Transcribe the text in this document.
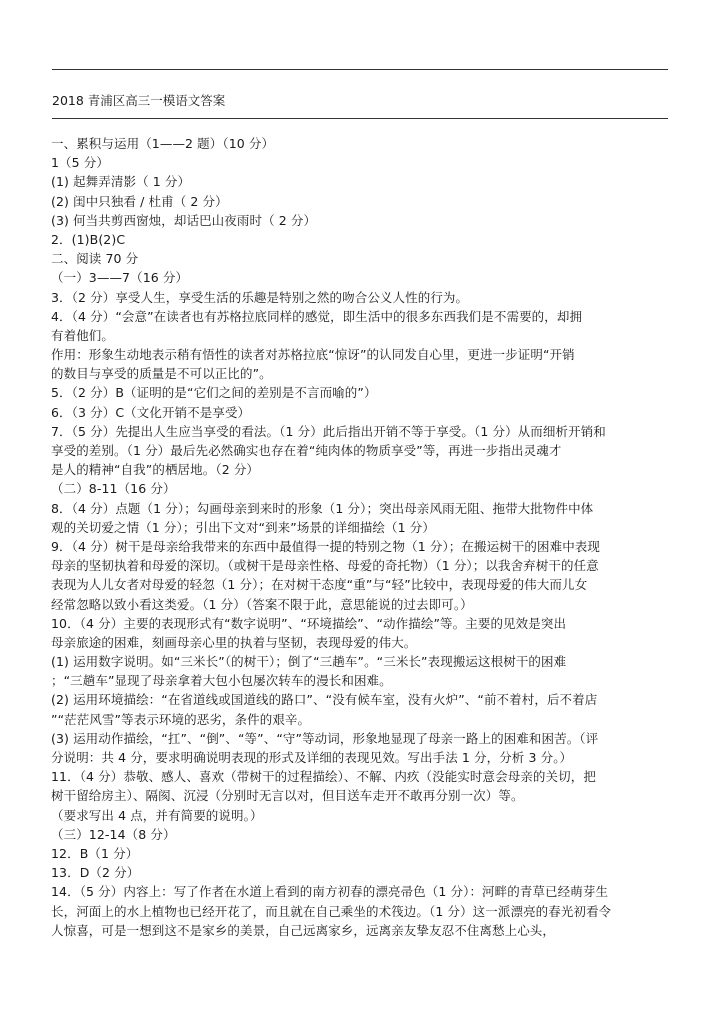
2018 青浦区高三一模语文答案
一、累积与运用（1——2 题）（10 分）
1（5 分）
(1) 起舞弄清影（ 1 分）
(2) 闺中只独看 / 杜甫（ 2 分）
(3) 何当共剪西窗烛，却话巴山夜雨时（ 2 分）
2．(1)B(2)C
二、阅读 70 分
（一）3——7（16 分）
3．（2 分）享受人生，享受生活的乐趣是特别之然的吻合公义人性的行为。
4．（4 分）“会意”在读者也有苏格拉底同样的感觉，即生活中的很多东西我们是不需要的，却拥
有着他们。
作用：形象生动地表示稍有悟性的读者对苏格拉底“惊讶”的认同发自心里，更进一步证明“开销
的数目与享受的质量是不可以正比的”。
5．（2 分）B（证明的是“它们之间的差别是不言而喻的”）
6．（3 分）C（文化开销不是享受）
7．（5 分）先提出人生应当享受的看法。（1 分）此后指出开销不等于享受。（1 分）从而细析开销和
享受的差别。（1 分）最后先必然确实也存在着“纯肉体的物质享受”等，再进一步指出灵魂才
是人的精神“自我”的栖居地。（2 分）
（二）8-11（16 分）
8．（4 分）点题（1 分）；勾画母亲到来时的形象（1 分）；突出母亲风雨无阻、拖带大批物件中体
观的关切爱之情（1 分）；引出下文对“到来”场景的详细描绘（1 分）
9．（4 分）树干是母亲给我带来的东西中最值得一提的特别之物（1 分）；在搬运树干的困难中表现
母亲的坚韧执着和母爱的深切。（或树干是母亲性格、母爱的奇托物）（1 分）；以我舍弃树干的任意
表现为人儿女者对母爱的轻忽（1 分）；在对树干态度“重”与“轻”比较中，表现母爱的伟大而儿女
经常忽略以致小看这类爱。（1 分）（答案不限于此，意思能说的过去即可。）
10．（4 分）主要的表现形式有“数字说明”、“环境描绘”、“动作描绘”等。主要的见效是突出
母亲旅途的困难，刻画母亲心里的执着与坚韧，表现母爱的伟大。
(1) 运用数字说明。如“三米长”（的树干）；倒了“三趟车”。“三米长”表现搬运这根树干的困难
；“三趟车”显现了母亲拿着大包小包屡次转车的漫长和困难。
(2) 运用环境描绘：“在省道线或国道线的路口”、“没有候车室，没有火炉”、“前不着村，后不着店
”“茫茫风雪”等表示环境的恶劣，条件的艰辛。
(3) 运用动作描绘，“扛”、“倒”、“等”、“守”等动词，形象地显现了母亲一路上的困难和困苦。（评
分说明：共 4 分，要求明确说明表现的形式及详细的表现见效。写出手法 1 分，分析 3 分。）
11．（4 分）恭敬、感人、喜欢（带树干的过程描绘）、不解、内疚（没能实时意会母亲的关切，把
树干留给房主）、隔阂、沉浸（分别时无言以对，但目送车走开不敢再分别一次）等。
（要求写出 4 点，并有简要的说明。）
（三）12-14（8 分）
12．B（1 分）
13．D（2 分）
14．（5 分）内容上：写了作者在水道上看到的南方初春的漂亮帚色（1 分）：河畔的青草已经萌芽生
长，河面上的水上植物也已经开花了，而且就在自己乘坐的术筏边。（1 分）这一派漂亮的春光初看令
人惊喜，可是一想到这不是家乡的美景，自己远离家乡，远离亲友挚友忍不住离愁上心头，
